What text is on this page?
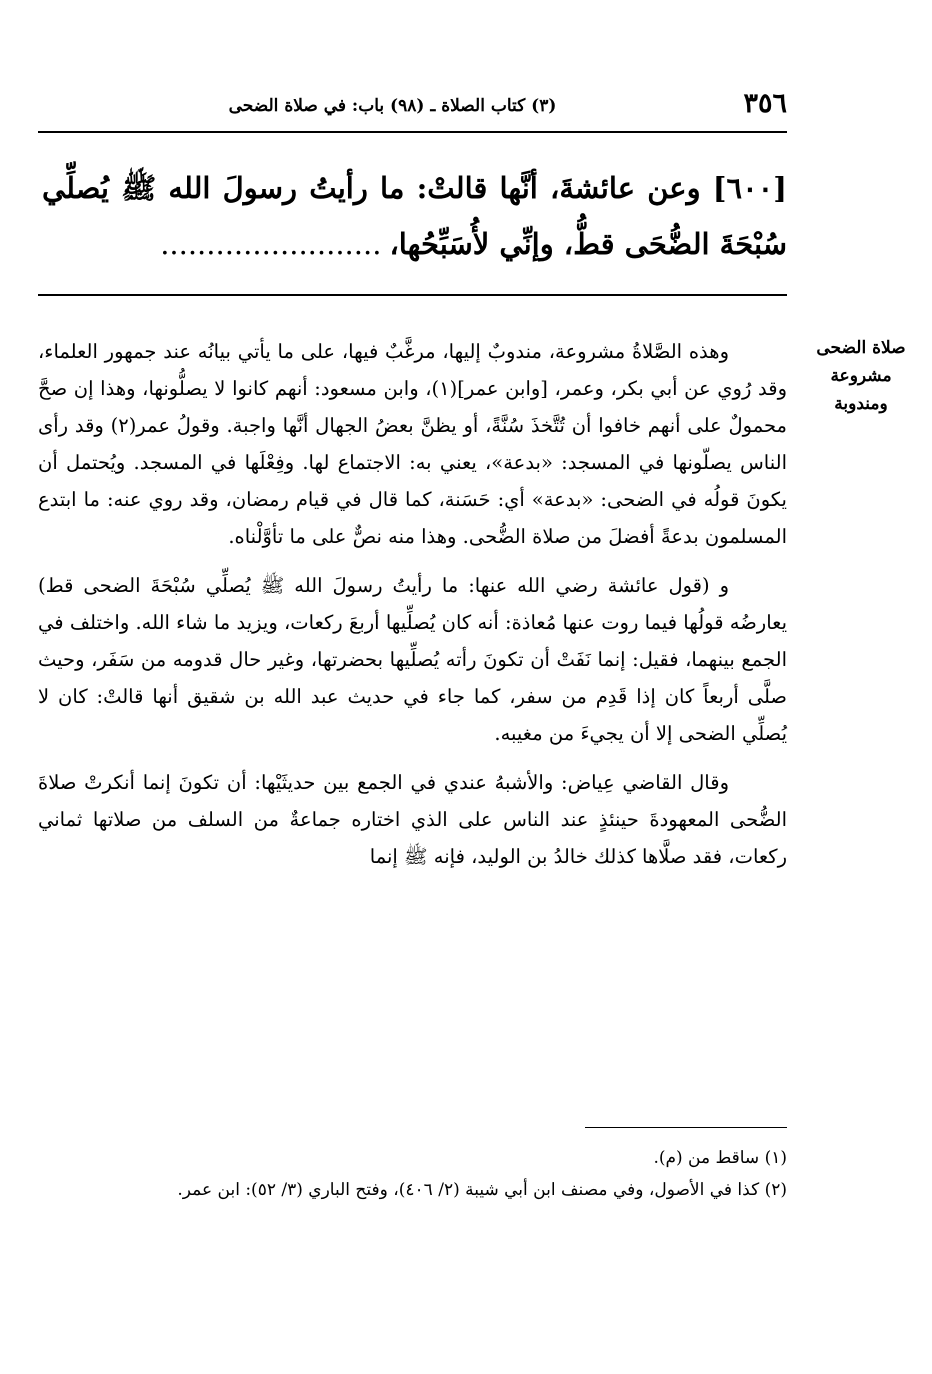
٣٥٦
(٣) كتاب الصلاة ـ (٩٨) باب: في صلاة الضحى
[٦٠٠] وعن عائشةَ، أنَّها قالتْ: ما رأيتُ رسولَ الله ﷺ يُصلِّي سُبْحَةَ الضُّحَى قطُّ، وإنِّي لأُسَبِّحُها،........................
صلاة الضحى مشروعة ومندوبة

وهذه الصَّلاةُ مشروعة، مندوبٌ إليها، مرغَّبٌ فيها، على ما يأتي بيانُه عند جمهور العلماء، وقد رُوي عن أبي بكر، وعمر، [وابن عمر](١)، وابن مسعود: أنهم كانوا لا يصلُّونها، وهذا إن صحَّ محمولٌ على أنهم خافوا أن تُتَّخذَ سُنَّةً، أو يظنَّ بعضُ الجهال أنَّها واجبة. وقولُ عمر(٢) وقد رأى الناس يصلّونها في المسجد: «بدعة»، يعني به: الاجتماع لها. وفِعْلَها في المسجد. ويُحتمل أن يكونَ قولُه في الضحى: «بدعة» أي: حَسَنة، كما قال في قيام رمضان، وقد روي عنه: ما ابتدع المسلمون بدعةً أفضلَ من صلاة الضُّحى. وهذا منه نصٌّ على ما تأوَّلْناه.

و (قول عائشة رضي الله عنها: ما رأيتُ رسولَ الله ﷺ يُصلِّي سُبْحَةَ الضحى قط) يعارضُه قولُها فيما روت عنها مُعاذة: أنه كان يُصلِّيها أربعَ ركعات، ويزيد ما شاء الله. واختلف في الجمع بينهما، فقيل: إنما نَفَتْ أن تكونَ رأته يُصلِّيها بحضرتها، وغير حال قدومه من سَفَر، وحيث صلَّى أربعاً كان إذا قَدِم من سفر، كما جاء في حديث عبد الله بن شقيق أنها قالتْ: كان لا يُصلِّي الضحى إلا أن يجيءَ من مغيبه.

وقال القاضي عِياض: والأشبهُ عندي في الجمع بين حديثَيْها: أن تكونَ إنما أنكرتْ صلاةَ الضُّحى المعهودةَ حينئذٍ عند الناس على الذي اختاره جماعةٌ من السلف من صلاتها ثماني ركعات، فقد صلَّاها كذلك خالدُ بن الوليد، فإنه ﷺ إنما

(١) ساقط من (م).
(٢) كذا في الأصول، وفي مصنف ابن أبي شيبة (٢/ ٤٠٦)، وفتح الباري (٣/ ٥٢): ابن عمر.
